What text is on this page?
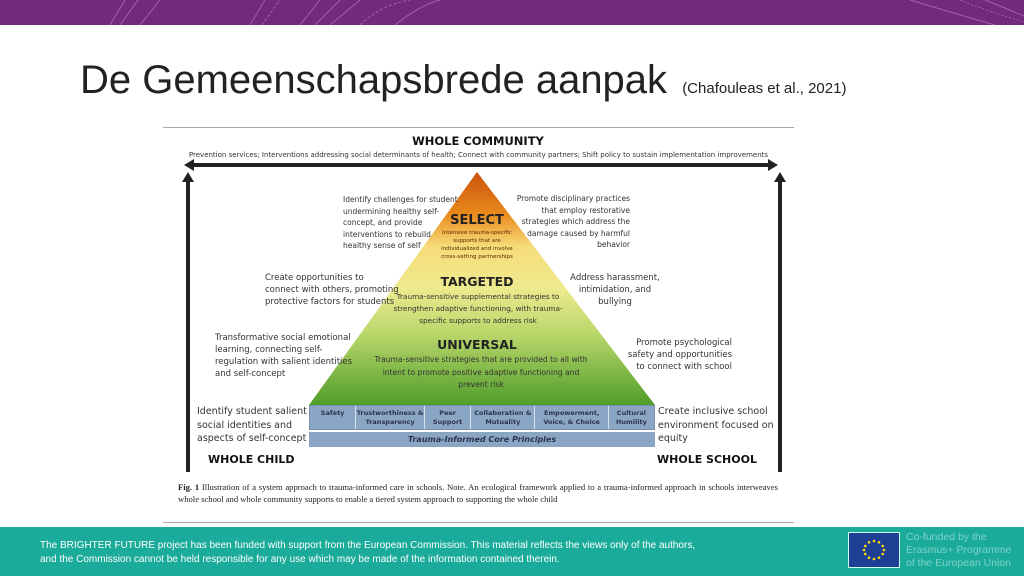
De Gemeenschapsbrede aanpak (Chafouleas et al., 2021)
WHOLE COMMUNITY
Prevention services; Interventions addressing social determinants of health; Connect with community partners; Shift policy to sustain implementation improvements
SELECT
Intensive trauma-specific supports that are individualized and involve cross-setting partnerships
Identify challenges for student undermining healthy self-concept, and provide interventions to rebuild healthy sense of self
Promote disciplinary practices that employ restorative strategies which address the damage caused by harmful behavior
TARGETED
Trauma-sensitive supplemental strategies to strengthen adaptive functioning, with trauma-specific supports to address risk
Create opportunities to connect with others, promoting protective factors for students
Address harassment, intimidation, and bullying
UNIVERSAL
Trauma-sensitive strategies that are provided to all with intent to promote positive adaptive functioning and prevent risk
Transformative social emotional learning, connecting self-regulation with salient identities and self-concept
Promote psychological safety and opportunities to connect with school
Identify student salient social identities and aspects of self-concept
Create inclusive school environment focused on equity
Safety	Trustworthiness & Transparency
Peer Support
Collaboration & Mutuality
Empowerment, Voice, & Choice
Cultural Humility
Trauma-Informed Core Principles
WHOLE CHILD	WHOLE SCHOOL
Fig. 1 Illustration of a system approach to trauma-informed care in schools. Note. An ecological framework applied to a trauma-informed approach in schools interweaves whole school and whole community supports to enable a tiered system approach to supporting the whole child
The BRIGHTER FUTURE project has been funded with support from the European Commission. This material reflects the views only of the authors,
and the Commission cannot be held responsible for any use which may be made of the information contained therein.
Co-funded by the
Erasmus+ Programme
of the European Union
